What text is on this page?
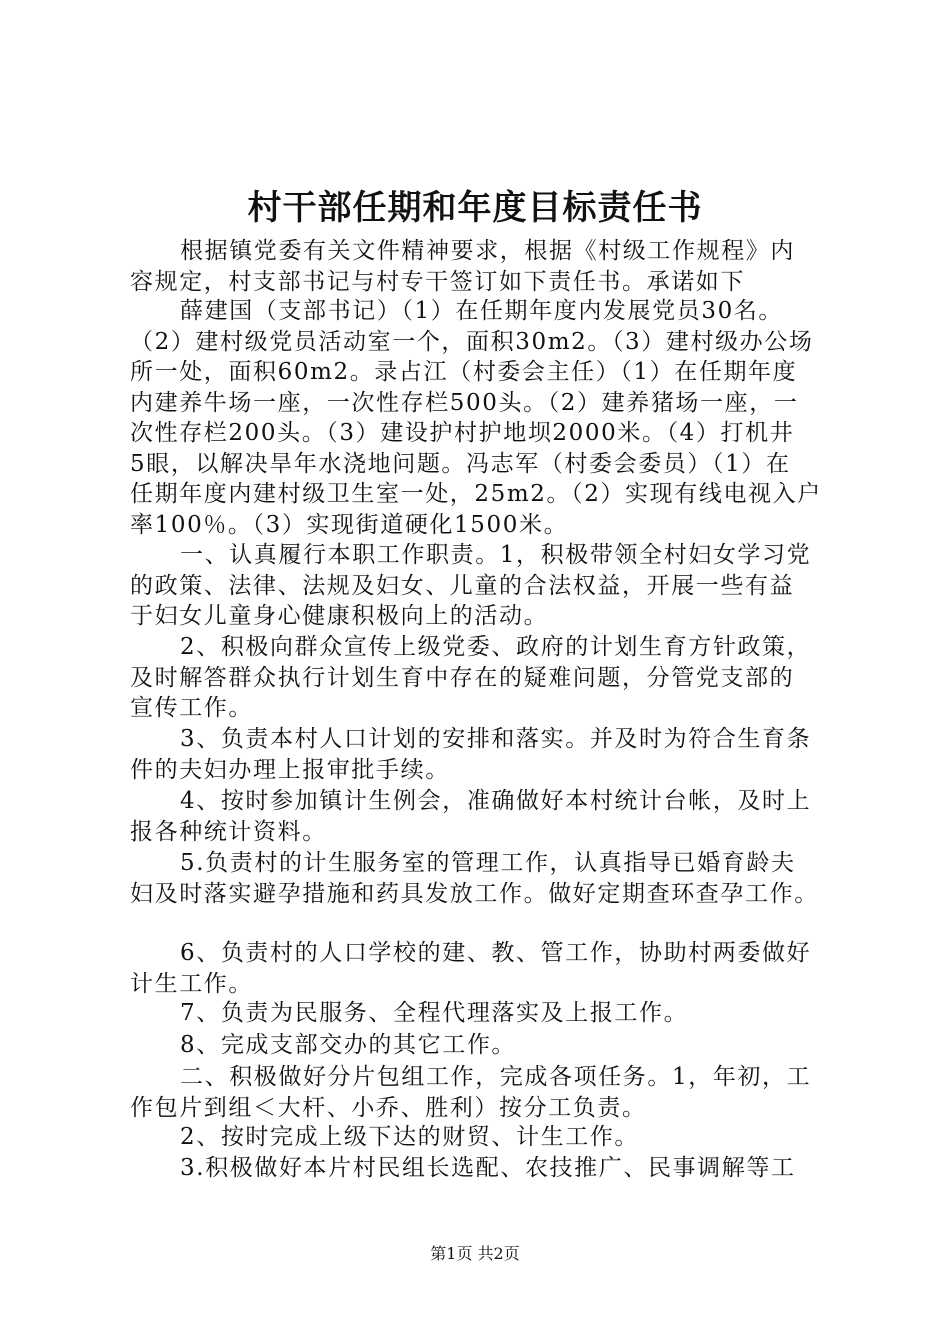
村干部任期和年度目标责任书
根据镇党委有关文件精神要求，根据《村级工作规程》内
容规定，村支部书记与村专干签订如下责任书。承诺如下
薛建国（支部书记）（1）在任期年度内发展党员30名。
（2）建村级党员活动室一个，面积30m2。（3）建村级办公场
所一处，面积60m2。录占江（村委会主任）（1）在任期年度
内建养牛场一座，一次性存栏500头。（2）建养猪场一座，一
次性存栏200头。（3）建设护村护地坝2000米。（4）打机井
5眼，以解决旱年水浇地问题。冯志军（村委会委员）（1）在
任期年度内建村级卫生室一处，25m2。（2）实现有线电视入户
率100％。（3）实现街道硬化1500米。
一、认真履行本职工作职责。1，积极带领全村妇女学习党
的政策、法律、法规及妇女、儿童的合法权益，开展一些有益
于妇女儿童身心健康积极向上的活动。
2、积极向群众宣传上级党委、政府的计划生育方针政策，
及时解答群众执行计划生育中存在的疑难问题，分管党支部的
宣传工作。
3、负责本村人口计划的安排和落实。并及时为符合生育条
件的夫妇办理上报审批手续。
4、按时参加镇计生例会，准确做好本村统计台帐，及时上
报各种统计资料。
5.负责村的计生服务室的管理工作，认真指导已婚育龄夫
妇及时落实避孕措施和药具发放工作。做好定期查环查孕工作。
6、负责村的人口学校的建、教、管工作，协助村两委做好
计生工作。
7、负责为民服务、全程代理落实及上报工作。
8、完成支部交办的其它工作。
二、积极做好分片包组工作，完成各项任务。1，年初，工
作包片到组＜大杆、小乔、胜利）按分工负责。
2、按时完成上级下达的财贸、计生工作。
3.积极做好本片村民组长选配、农技推广、民事调解等工
第1页 共2页
